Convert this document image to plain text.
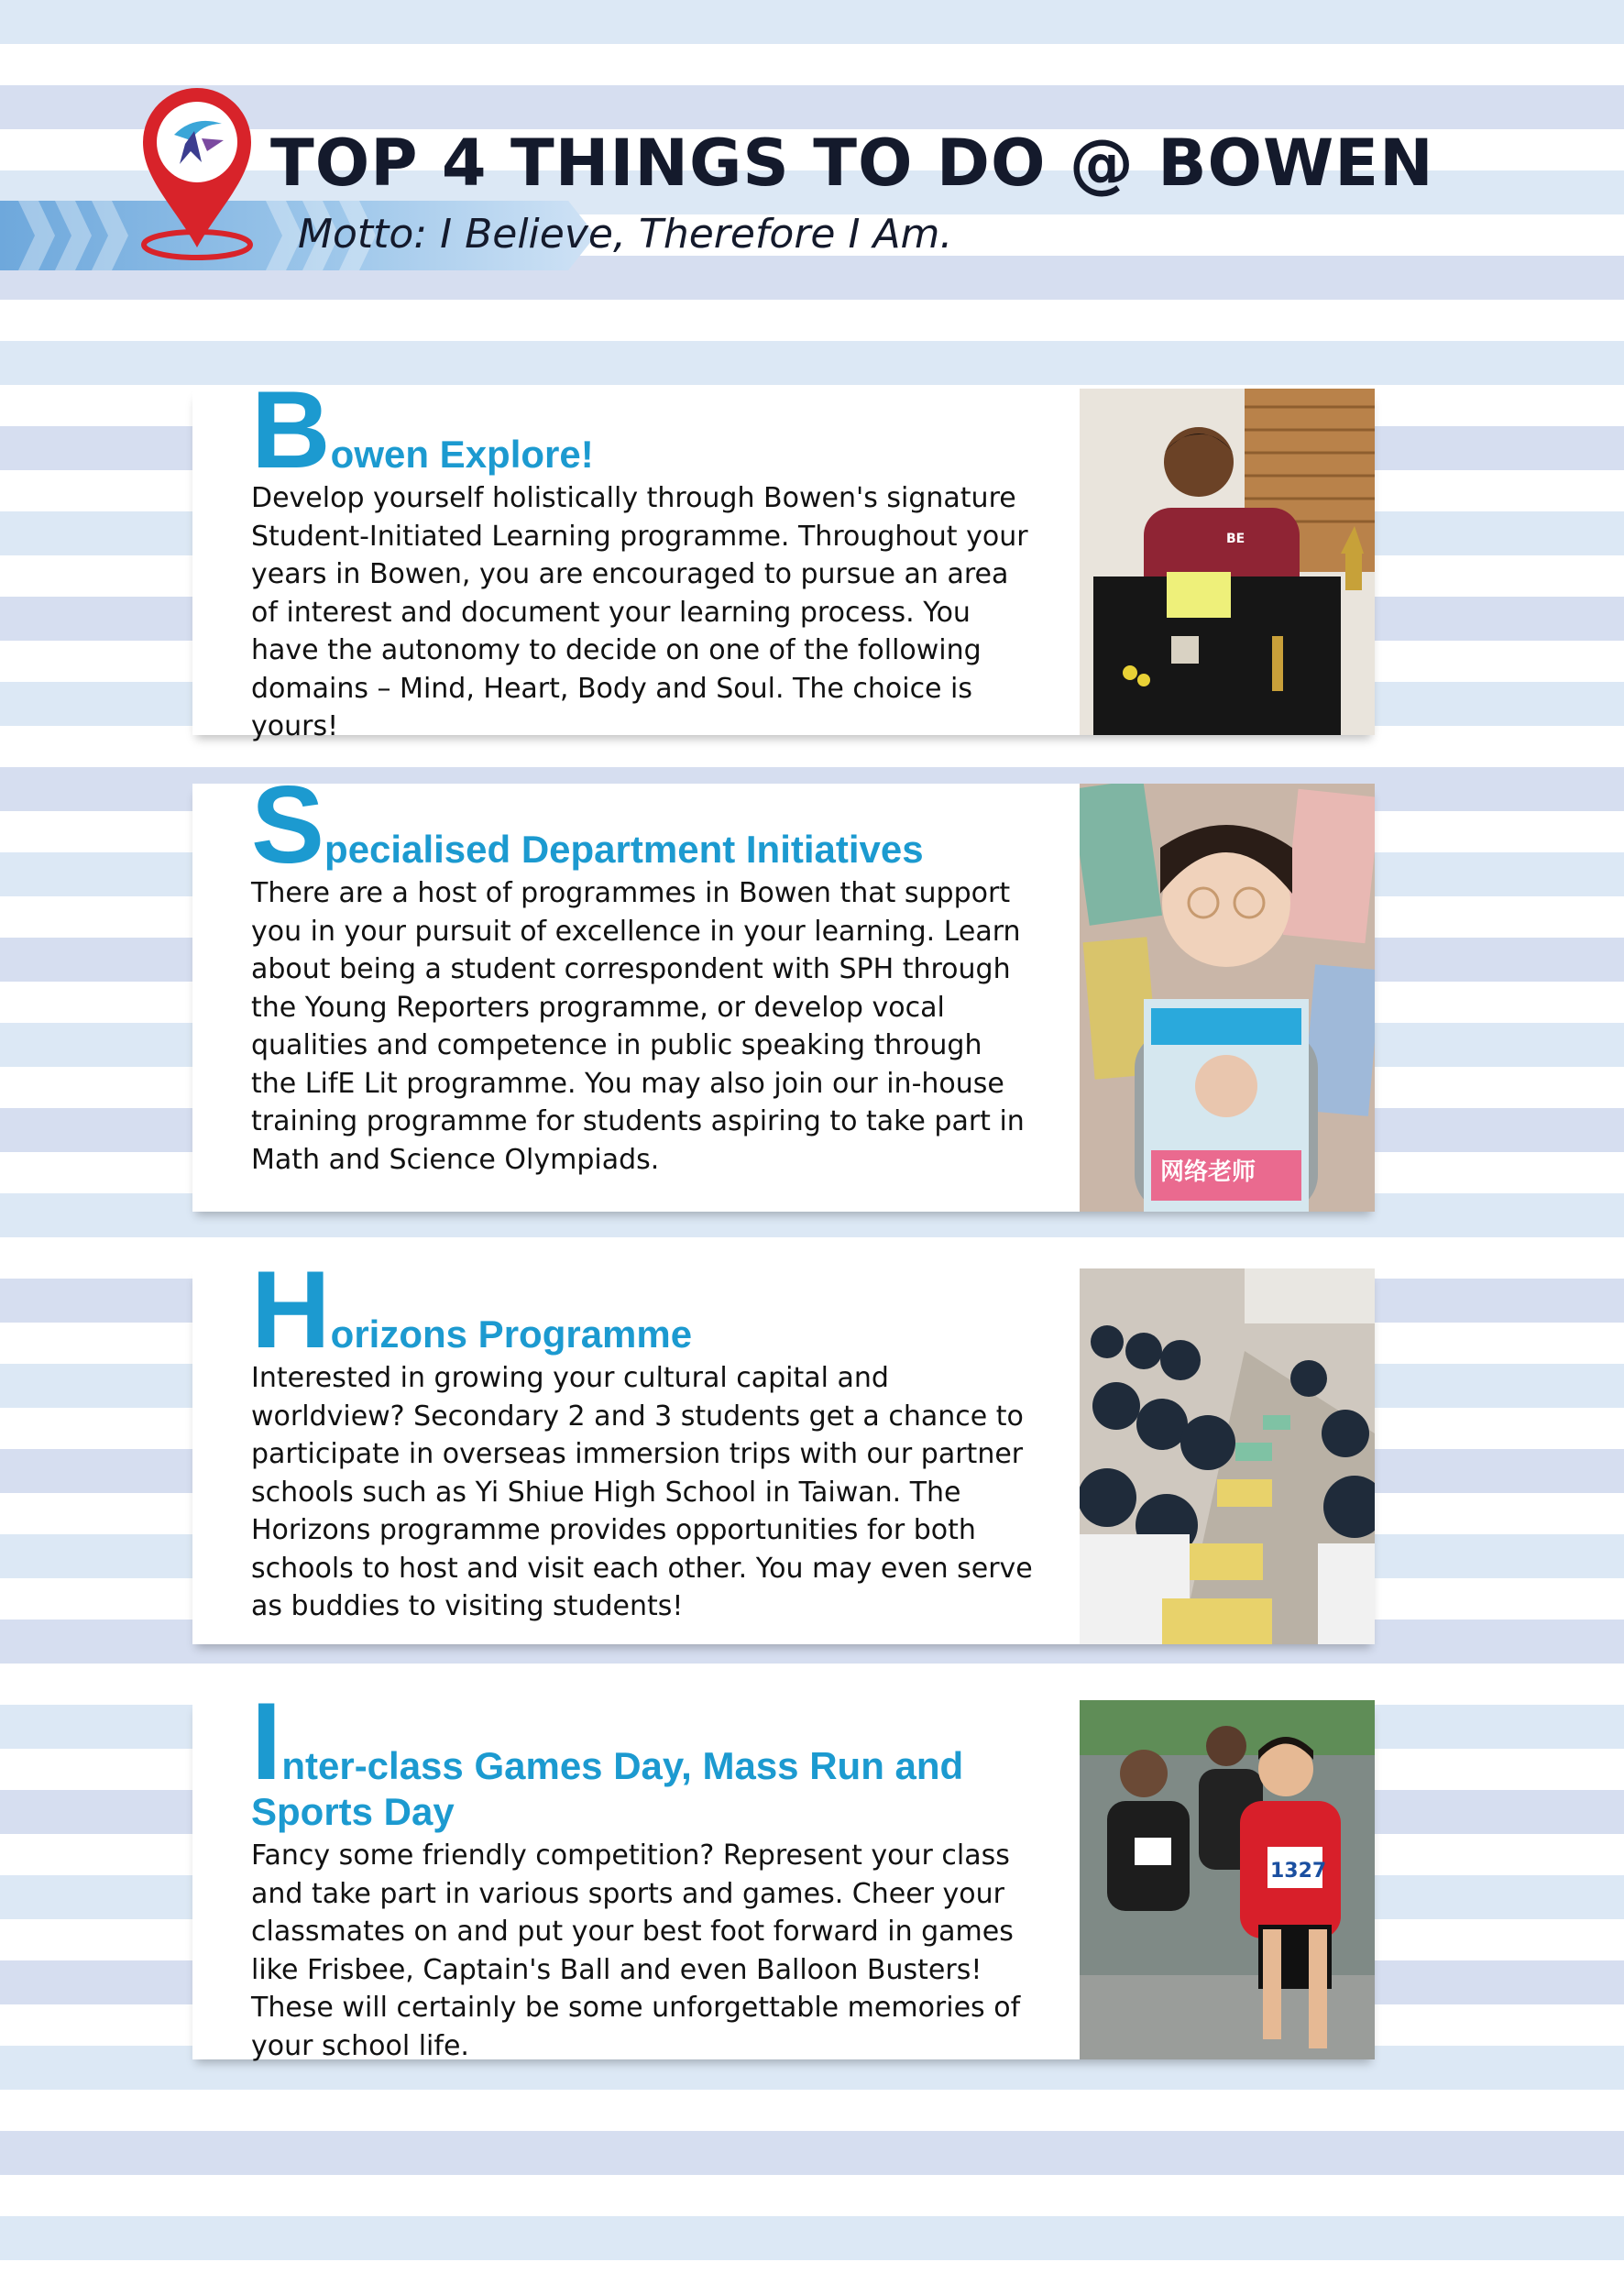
TOP 4 THINGS TO DO @ BOWEN
Motto: I Believe, Therefore I Am.
Bowen Explore!

Develop yourself holistically through Bowen's signature Student-Initiated Learning programme. Throughout your years in Bowen, you are encouraged to pursue an area of interest and document your learning process. You have the autonomy to decide on one of the following domains – Mind, Heart, Body and Soul. The choice is yours!

BE
Specialised Department Initiatives

There are a host of programmes in Bowen that support you in your pursuit of excellence in your learning. Learn about being a student correspondent with SPH through the Young Reporters programme, or develop vocal qualities and competence in public speaking through the LifE Lit programme. You may also join our in-house training programme for students aspiring to take part in Math and Science Olympiads.	网络老师
Horizons Programme

Interested in growing your cultural capital and worldview? Secondary 2 and 3 students get a chance to participate in overseas immersion trips with our partner schools such as Yi Shiue High School in Taiwan. The Horizons programme provides opportunities for both schools to host and visit each other. You may even serve as buddies to visiting students!

Inter-class Games Day, Mass Run and Sports Day

Fancy some friendly competition? Represent your class and take part in various sports and games. Cheer your classmates on and put your best foot forward in games like Frisbee, Captain's Ball and even Balloon Busters! These will certainly be some unforgettable memories of your school life.

1327
